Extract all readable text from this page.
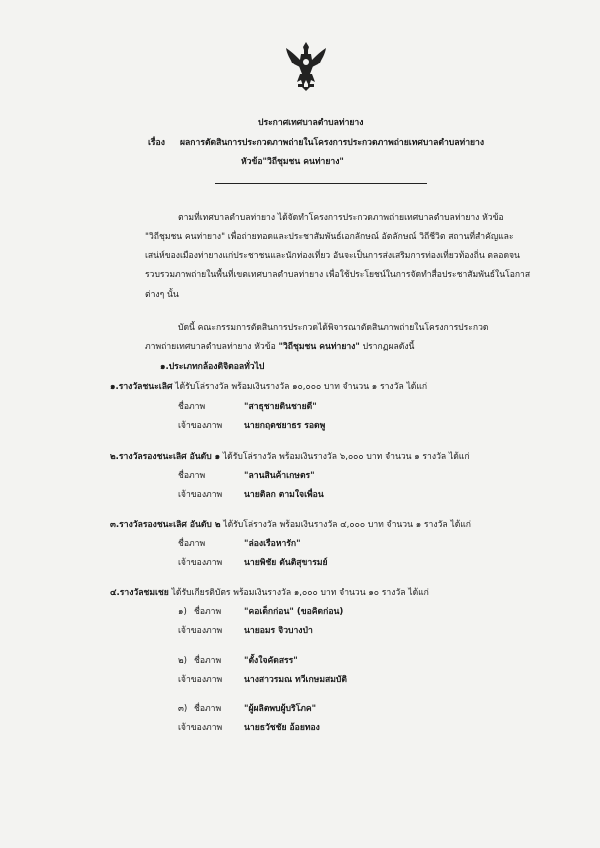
ประกาศเทศบาลตำบลท่ายาง
เรื่อง ผลการตัดสินการประกวดภาพถ่ายในโครงการประกวดภาพถ่ายเทศบาลตำบลท่ายาง
หัวข้อ"วิถีชุมชน คนท่ายาง"
ตามที่เทศบาลตำบลท่ายาง ได้จัดทำโครงการประกวดภาพถ่ายเทศบาลตำบลท่ายาง หัวข้อ
"วิถีชุมชน คนท่ายาง" เพื่อถ่ายทอดและประชาสัมพันธ์เอกลักษณ์ อัตลักษณ์ วิถีชีวิต สถานที่สำคัญและ
เสน่ห์ของเมืองท่ายางแก่ประชาชนและนักท่องเที่ยว อันจะเป็นการส่งเสริมการท่องเที่ยวท้องถิ่น ตลอดจน
รวบรวมภาพถ่ายในพื้นที่เขตเทศบาลตำบลท่ายาง เพื่อใช้ประโยชน์ในการจัดทำสื่อประชาสัมพันธ์ในโอกาส
ต่างๆ นั้น
บัดนี้ คณะกรรมการตัดสินการประกวดได้พิจารณาตัดสินภาพถ่ายในโครงการประกวด
ภาพถ่ายเทศบาลตำบลท่ายาง หัวข้อ "วิถีชุมชน คนท่ายาง" ปรากฏผลดังนี้
๑.ประเภทกล้องดิจิตอลทั่วไป
๑.รางวัลชนะเลิศ ได้รับโล่รางวัล พร้อมเงินรางวัล ๑๐,๐๐๐ บาท จำนวน ๑ รางวัล ได้แก่
ชื่อภาพ	"สาธุชายดินชายดี"
เจ้าของภาพ	นายกฤตชยาธร รอดพู
๒.รางวัลรองชนะเลิศ อันดับ ๑ ได้รับโล่รางวัล พร้อมเงินรางวัล ๖,๐๐๐ บาท จำนวน ๑ รางวัล ได้แก่
ชื่อภาพ	"ลานสินค้าเกษตร"
เจ้าของภาพ	นายติลก ตามใจเพื่อน
๓.รางวัลรองชนะเลิศ อันดับ ๒ ได้รับโล่รางวัล พร้อมเงินรางวัล ๔,๐๐๐ บาท จำนวน ๑ รางวัล ได้แก่
ชื่อภาพ	"ล่องเรือหารัก"
เจ้าของภาพ	นายพิชัย ตันติสุขารมย์
๔.รางวัลชมเชย ได้รับเกียรติบัตร พร้อมเงินรางวัล ๑,๐๐๐ บาท จำนวน ๑๐ รางวัล ได้แก่
๑) ชื่อภาพ	"คอเด็กก่อน" (ขอคิดก่อน)
เจ้าของภาพ	นายอมร จิวบางป่า
๒) ชื่อภาพ	"ตั้งใจคัดสรร"
เจ้าของภาพ	นางสาวรมณ ทวีเกษมสมบัติ
๓) ชื่อภาพ	"ผู้ผลิตพบผู้บริโภค"
เจ้าของภาพ	นายธวัชชัย อ้อยทอง
